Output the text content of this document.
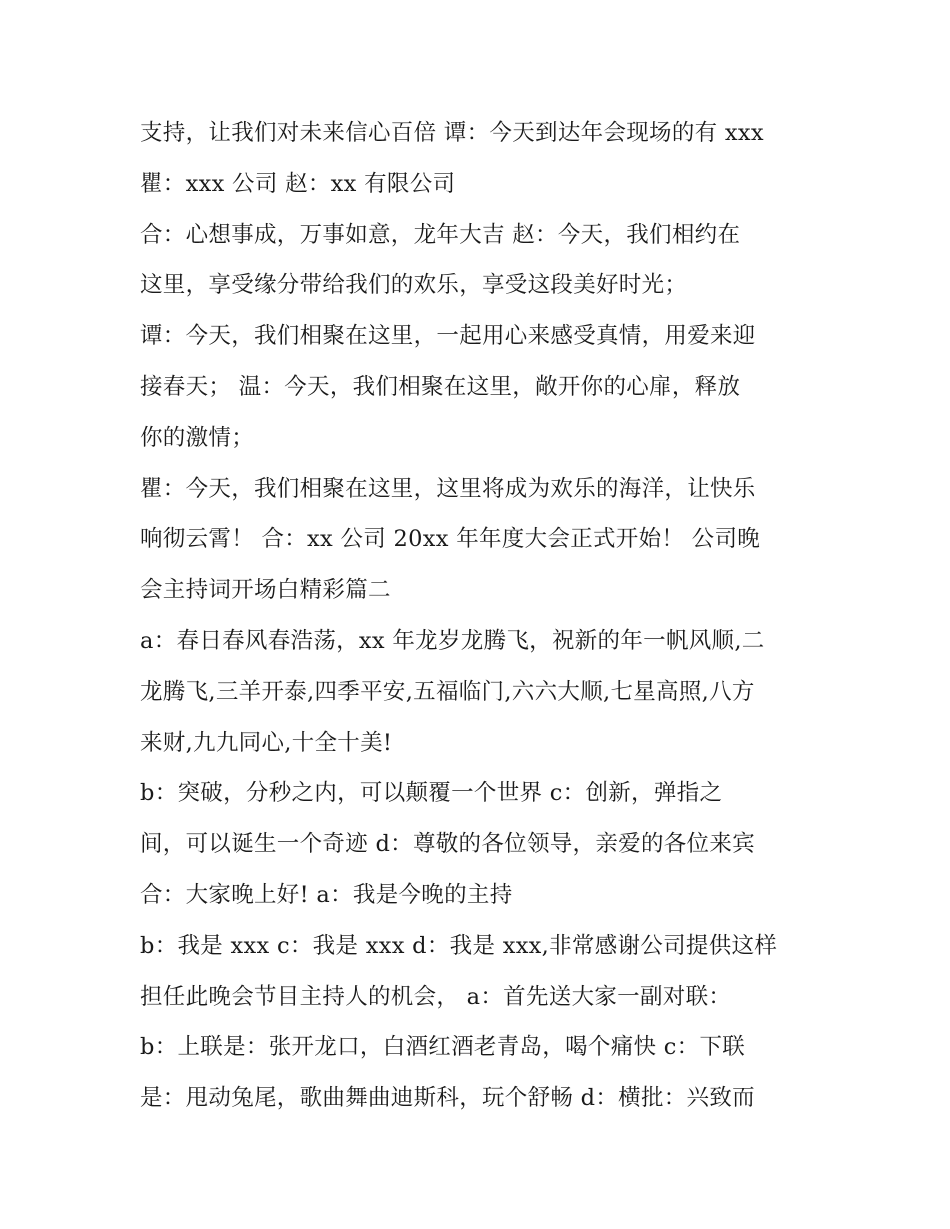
支持，让我们对未来信心百倍 谭：今天到达年会现场的有 xxx
瞿：xxx 公司 赵：xx 有限公司
合：心想事成，万事如意，龙年大吉 赵：今天，我们相约在
这里，享受缘分带给我们的欢乐，享受这段美好时光；
谭：今天，我们相聚在这里，一起用心来感受真情，用爱来迎
接春天； 温：今天，我们相聚在这里，敞开你的心扉，释放
你的激情；
瞿：今天，我们相聚在这里，这里将成为欢乐的海洋，让快乐
响彻云霄！ 合：xx 公司 20xx 年年度大会正式开始！ 公司晚
会主持词开场白精彩篇二
a：春日春风春浩荡，xx 年龙岁龙腾飞，祝新的年一帆风顺,二
龙腾飞,三羊开泰,四季平安,五福临门,六六大顺,七星高照,八方
来财,九九同心,十全十美!
b：突破，分秒之内，可以颠覆一个世界 c：创新，弹指之
间，可以诞生一个奇迹 d：尊敬的各位领导，亲爱的各位来宾
合：大家晚上好! a：我是今晚的主持
b：我是 xxx c：我是 xxx d：我是 xxx,非常感谢公司提供这样
担任此晚会节目主持人的机会， a：首先送大家一副对联：
b：上联是：张开龙口，白酒红酒老青岛，喝个痛快 c：下联
是：甩动兔尾，歌曲舞曲迪斯科，玩个舒畅 d：横批：兴致而
